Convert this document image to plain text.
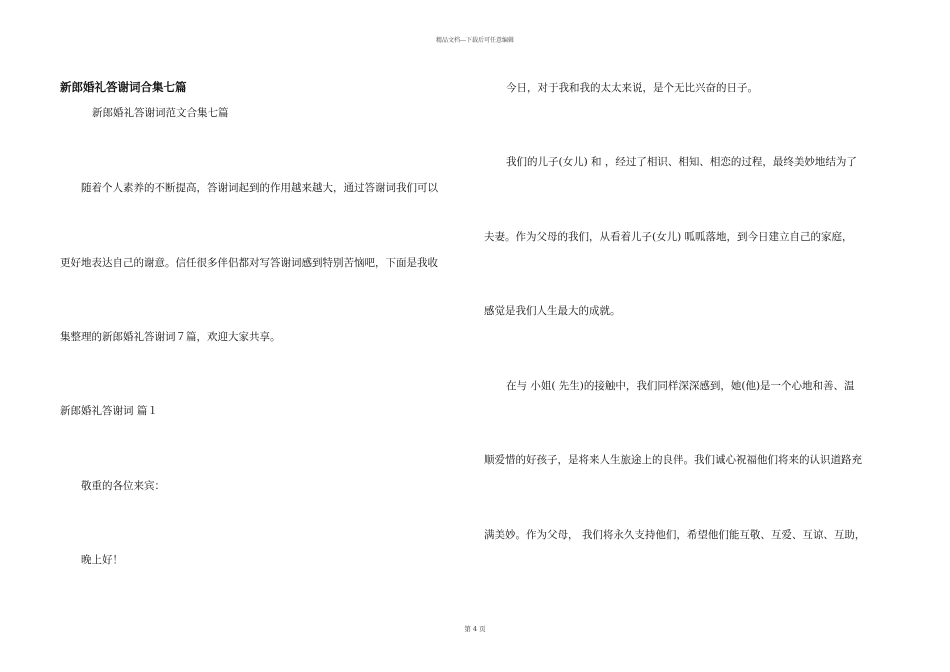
精品文档---下载后可任意编辑
新郎婚礼答谢词合集七篇
新郎婚礼答谢词范文合集七篇
随着个人素养的不断提高，答谢词起到的作用越来越大，通过答谢词我们可以
更好地表达自己的谢意。信任很多伴侣都对写答谢词感到特别苦恼吧，下面是我收
集整理的新郎婚礼答谢词７篇，欢迎大家共享。
新郎婚礼答谢词 篇１
敬重的各位来宾：
晚上好！
今日，对于我和我的太太来说，是个无比兴奋的日子。
我们的儿子(女儿) 和 ，经过了相识、相知、相恋的过程，最终美妙地结为了
夫妻。作为父母的我们，从看着儿子(女儿) 呱呱落地，到今日建立自己的家庭，
感觉是我们人生最大的成就。
在与 小姐( 先生)的接触中，我们同样深深感到，她(他)是一个心地和善、温
顺爱惜的好孩子，是将来人生旅途上的良伴。我们诚心祝福他们将来的认识道路充
满美妙。作为父母， 我们将永久支持他们，希望他们能互敬、互爱、互谅、互助，
第 4 页
